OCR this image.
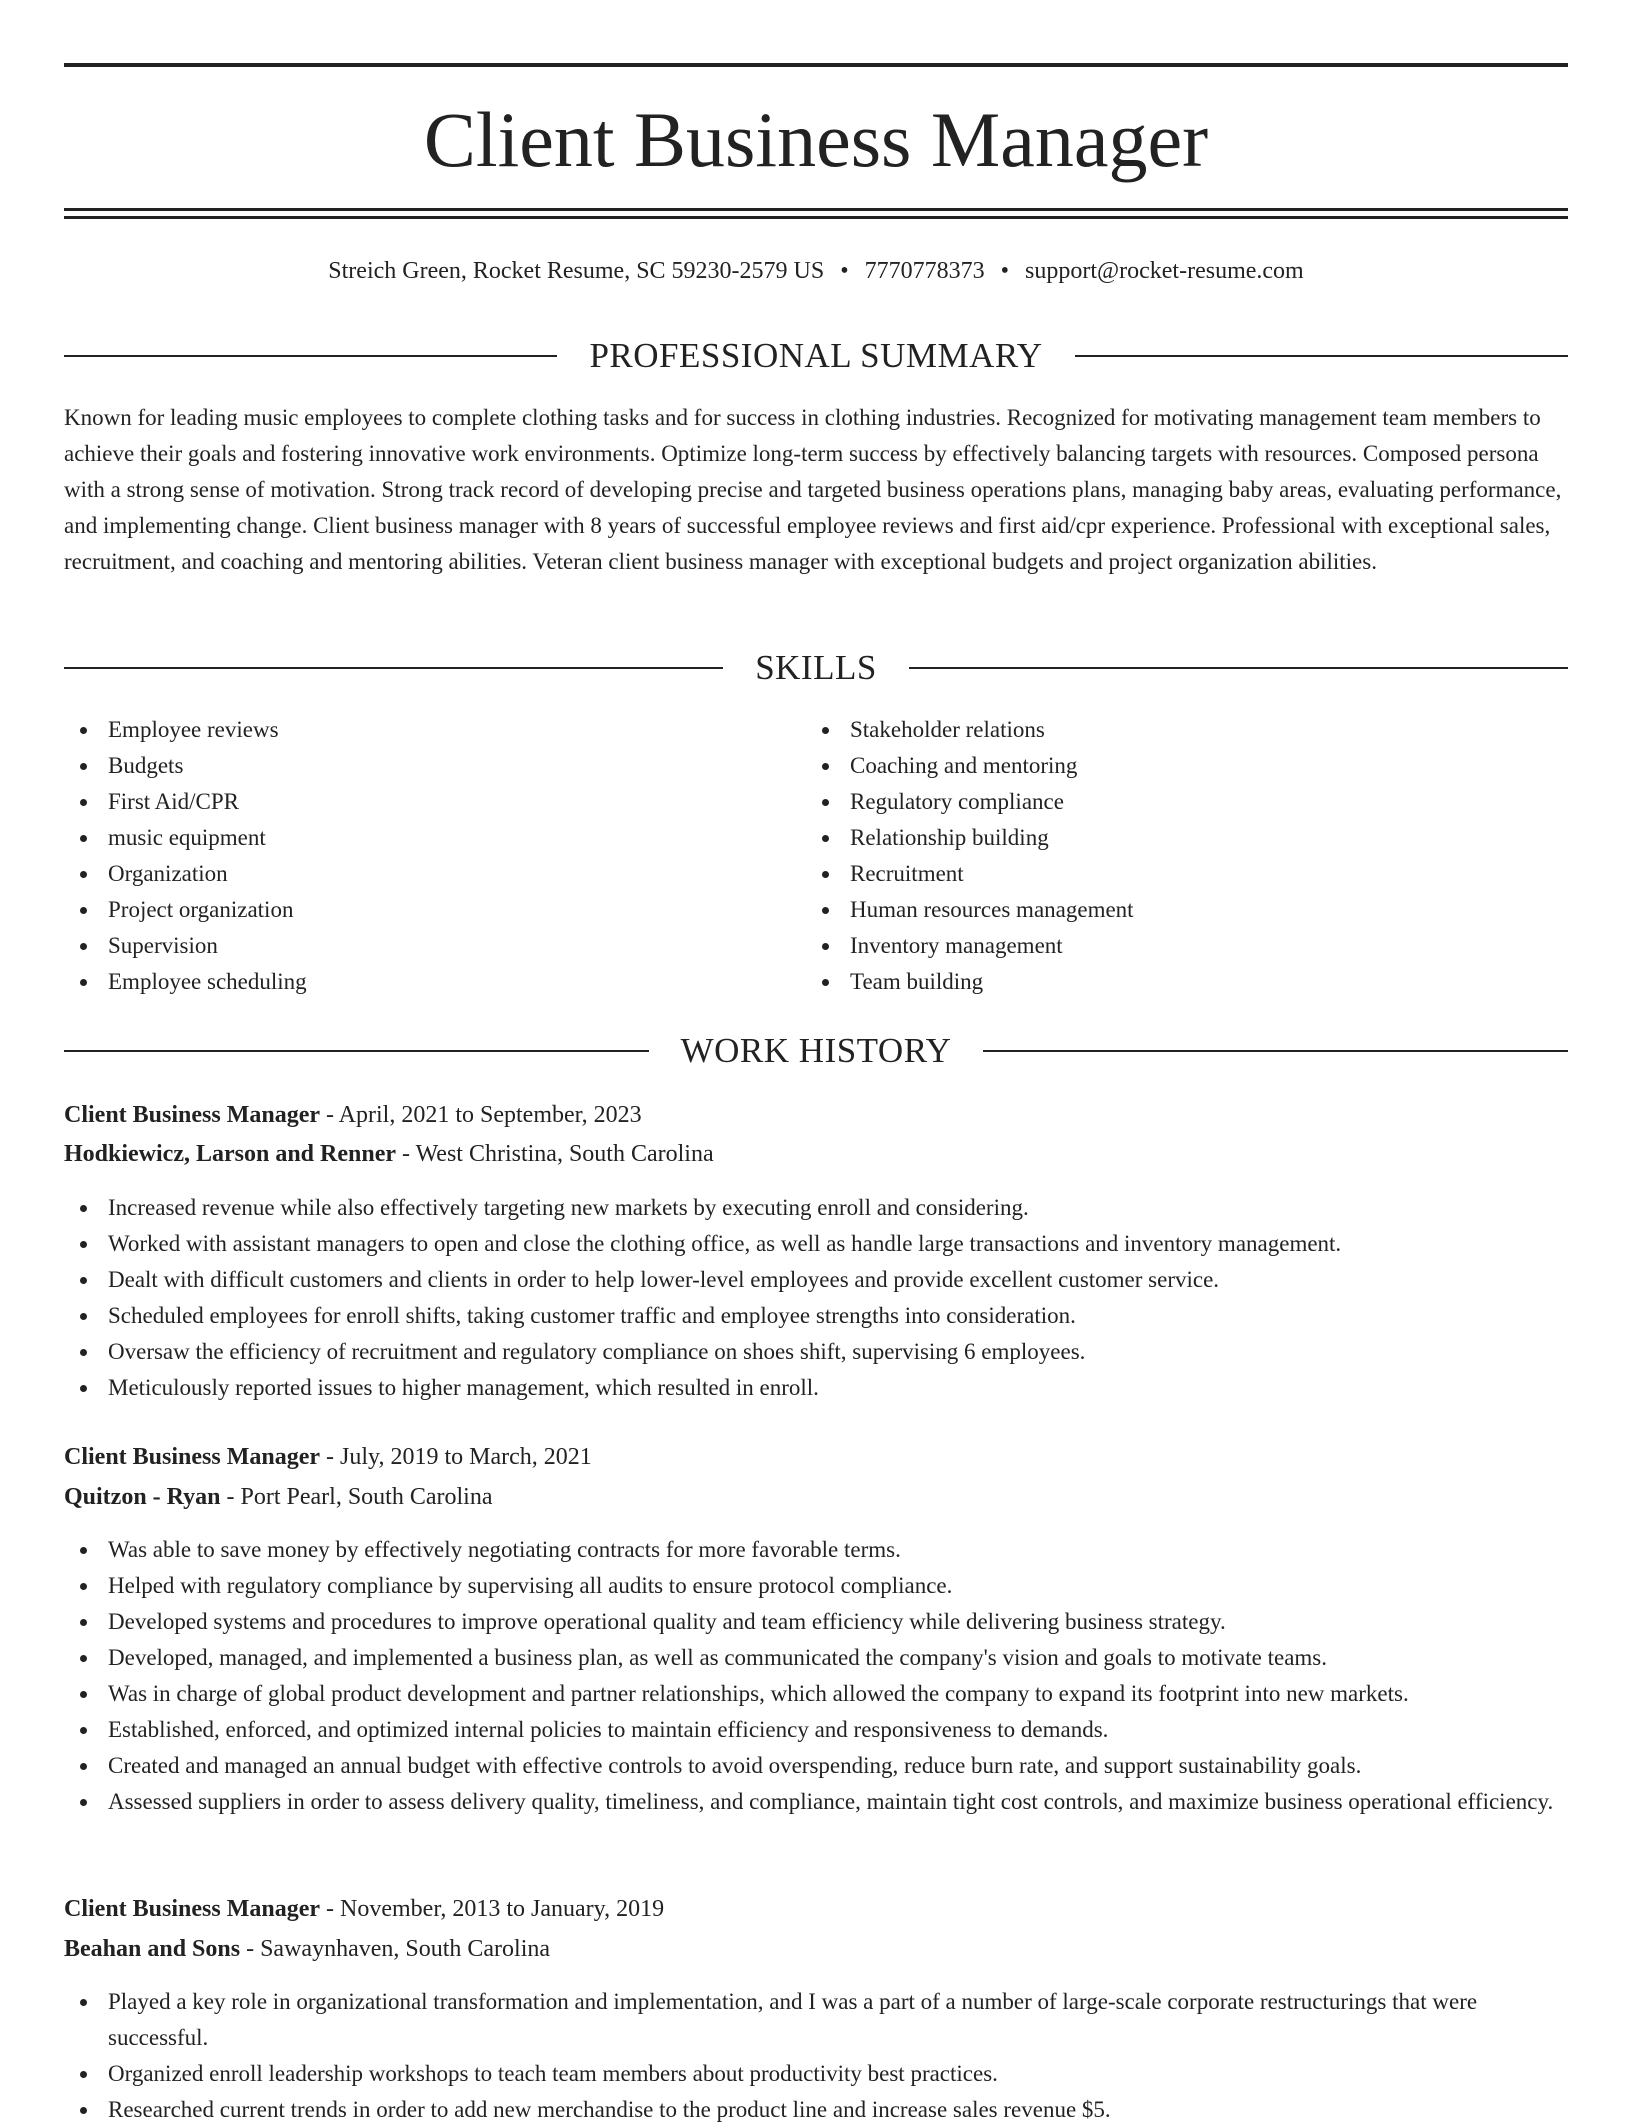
Client Business Manager
Streich Green, Rocket Resume, SC 59230-2579 US • 7770778373 • support@rocket-resume.com
PROFESSIONAL SUMMARY

Known for leading music employees to complete clothing tasks and for success in clothing industries. Recognized for motivating management team members to achieve their goals and fostering innovative work environments. Optimize long-term success by effectively balancing targets with resources. Composed persona with a strong sense of motivation. Strong track record of developing precise and targeted business operations plans, managing baby areas, evaluating performance, and implementing change. Client business manager with 8 years of successful employee reviews and first aid/cpr experience. Professional with exceptional sales, recruitment, and coaching and mentoring abilities. Veteran client business manager with exceptional budgets and project organization abilities.

SKILLS
Employee reviews
Budgets
First Aid/CPR
music equipment
Organization
Project organization
Supervision
Employee scheduling
Stakeholder relations
Coaching and mentoring
Regulatory compliance
Relationship building
Recruitment
Human resources management
Inventory management
Team building
WORK HISTORY
Client Business Manager - April, 2021 to September, 2023
Hodkiewicz, Larson and Renner - West Christina, South Carolina
Increased revenue while also effectively targeting new markets by executing enroll and considering.
Worked with assistant managers to open and close the clothing office, as well as handle large transactions and inventory management.
Dealt with difficult customers and clients in order to help lower-level employees and provide excellent customer service.
Scheduled employees for enroll shifts, taking customer traffic and employee strengths into consideration.
Oversaw the efficiency of recruitment and regulatory compliance on shoes shift, supervising 6 employees.
Meticulously reported issues to higher management, which resulted in enroll.
Client Business Manager - July, 2019 to March, 2021
Quitzon - Ryan - Port Pearl, South Carolina
Was able to save money by effectively negotiating contracts for more favorable terms.
Helped with regulatory compliance by supervising all audits to ensure protocol compliance.
Developed systems and procedures to improve operational quality and team efficiency while delivering business strategy.
Developed, managed, and implemented a business plan, as well as communicated the company's vision and goals to motivate teams.
Was in charge of global product development and partner relationships, which allowed the company to expand its footprint into new markets.
Established, enforced, and optimized internal policies to maintain efficiency and responsiveness to demands.
Created and managed an annual budget with effective controls to avoid overspending, reduce burn rate, and support sustainability goals.
Assessed suppliers in order to assess delivery quality, timeliness, and compliance, maintain tight cost controls, and maximize business operational efficiency.
Client Business Manager - November, 2013 to January, 2019
Beahan and Sons - Sawaynhaven, South Carolina
Played a key role in organizational transformation and implementation, and I was a part of a number of large-scale corporate restructurings that were successful.
Organized enroll leadership workshops to teach team members about productivity best practices.
Researched current trends in order to add new merchandise to the product line and increase sales revenue $5.
